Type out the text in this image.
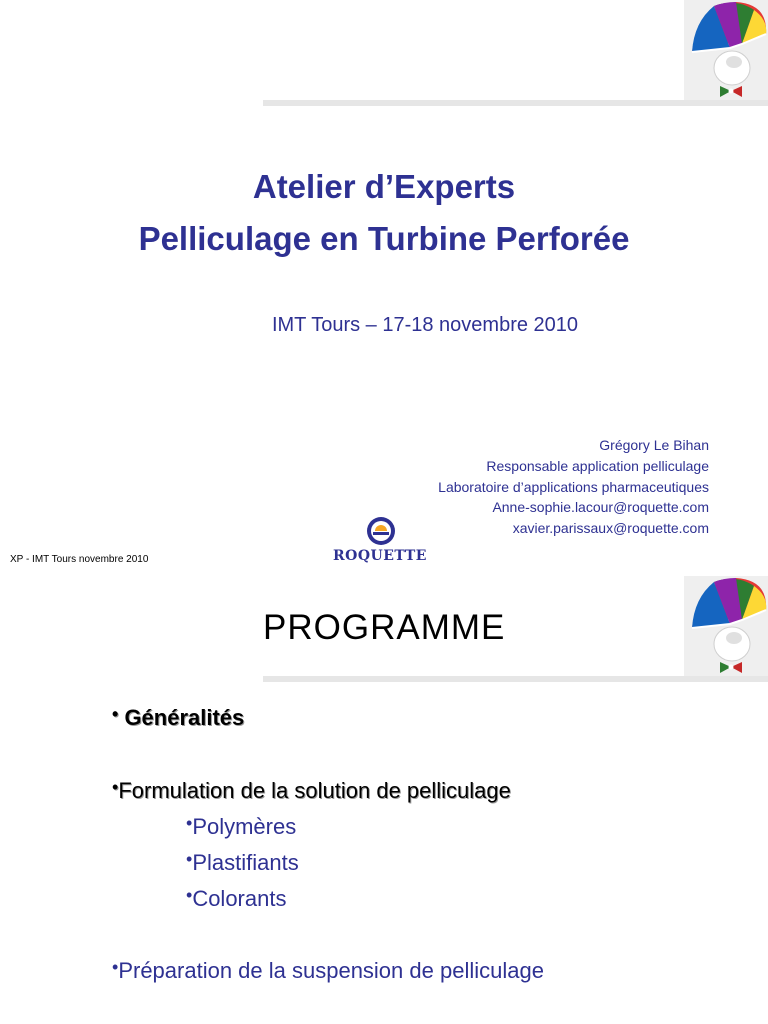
Atelier d’Experts
Pelliculage en Turbine Perforée
IMT Tours – 17-18 novembre 2010
Grégory Le Bihan
Responsable application pelliculage
Laboratoire d’applications pharmaceutiques
Anne-sophie.lacour@roquette.com
xavier.parissaux@roquette.com
ROQUETTE
XP - IMT Tours novembre 2010
PROGRAMME
• Généralités
•Formulation de la solution de pelliculage
•Polymères
•Plastifiants
•Colorants
•Préparation de la suspension de pelliculage
